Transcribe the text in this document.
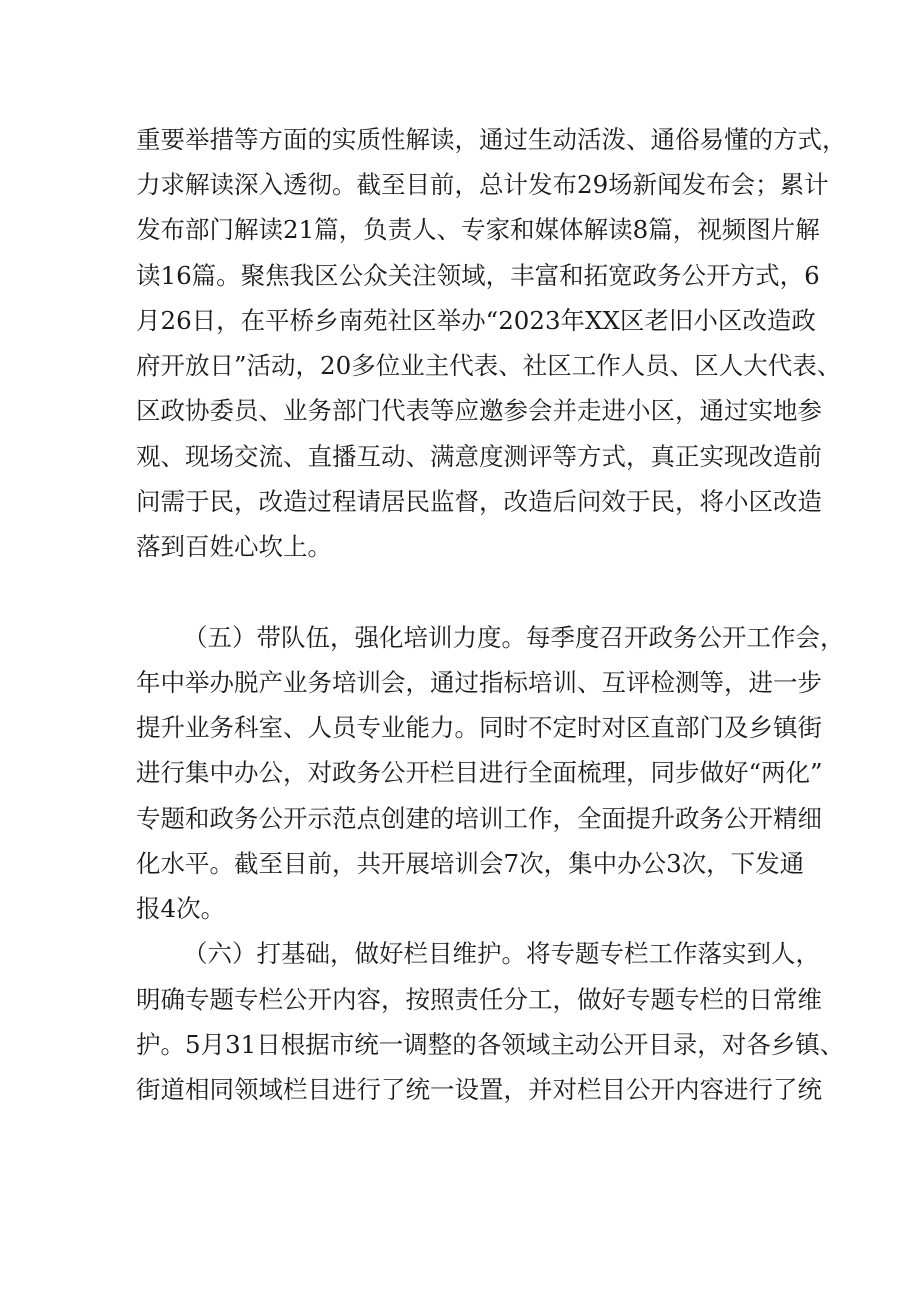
重要举措等方面的实质性解读，通过生动活泼、通俗易懂的方式，

力求解读深入透彻。截至目前，总计发布29场新闻发布会；累计

发布部门解读21篇，负责人、专家和媒体解读8篇，视频图片解

读16篇。聚焦我区公众关注领域，丰富和拓宽政务公开方式，6

月26日，在平桥乡南苑社区举办“2023年XX区老旧小区改造政

府开放日”活动，20多位业主代表、社区工作人员、区人大代表、

区政协委员、业务部门代表等应邀参会并走进小区，通过实地参

观、现场交流、直播互动、满意度测评等方式，真正实现改造前

问需于民，改造过程请居民监督，改造后问效于民，将小区改造

落到百姓心坎上。

（五）带队伍，强化培训力度。每季度召开政务公开工作会，

年中举办脱产业务培训会，通过指标培训、互评检测等，进一步

提升业务科室、人员专业能力。同时不定时对区直部门及乡镇街

进行集中办公，对政务公开栏目进行全面梳理，同步做好“两化”

专题和政务公开示范点创建的培训工作，全面提升政务公开精细

化水平。截至目前，共开展培训会7次，集中办公3次，下发通

报4次。

（六）打基础，做好栏目维护。将专题专栏工作落实到人，

明确专题专栏公开内容，按照责任分工，做好专题专栏的日常维

护。5月31日根据市统一调整的各领域主动公开目录，对各乡镇、

街道相同领域栏目进行了统一设置，并对栏目公开内容进行了统
